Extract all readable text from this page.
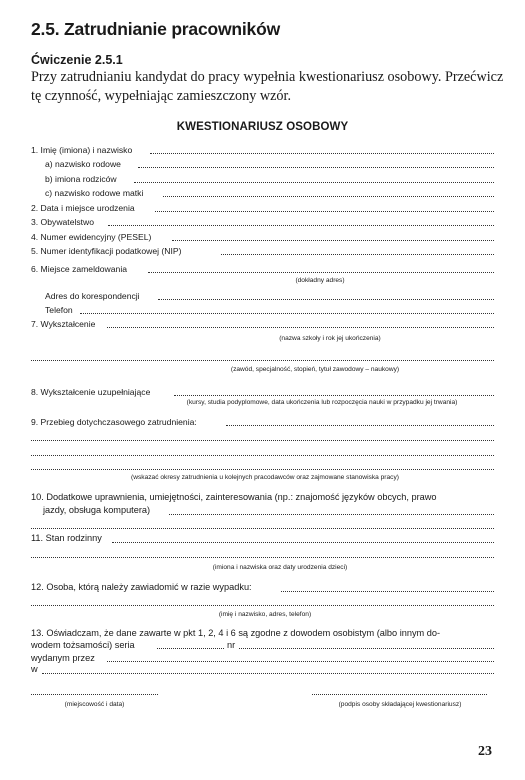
2.5. Zatrudnianie pracowników
Ćwiczenie 2.5.1
Przy zatrudnianiu kandydat do pracy wypełnia kwestionariusz osobowy. Przećwicz
tę czynność, wypełniając zamieszczony wzór.
KWESTIONARIUSZ OSOBOWY
1. Imię (imiona) i nazwisko
a) nazwisko rodowe
b) imiona rodziców
c) nazwisko rodowe matki
2. Data i miejsce urodzenia
3. Obywatelstwo
4. Numer ewidencyjny (PESEL)
5. Numer identyfikacji podatkowej (NIP)
6. Miejsce zameldowania
(dokładny adres)
Adres do korespondencji
Telefon
7. Wykształcenie
(nazwa szkoły i rok jej ukończenia)
(zawód, specjalność, stopień, tytuł zawodowy – naukowy)
8. Wykształcenie uzupełniające
(kursy, studia podyplomowe, data ukończenia lub rozpoczęcia nauki w przypadku jej trwania)
9. Przebieg dotychczasowego zatrudnienia:
(wskazać okresy zatrudnienia u kolejnych pracodawców oraz zajmowane stanowiska pracy)
10. Dodatkowe uprawnienia, umiejętności, zainteresowania (np.: znajomość języków obcych, prawo
jazdy, obsługa komputera)
11. Stan rodzinny
(imiona i nazwiska oraz daty urodzenia dzieci)
12. Osoba, którą należy zawiadomić w razie wypadku:
(imię i nazwisko, adres, telefon)
13. Oświadczam, że dane zawarte w pkt 1, 2, 4 i 6 są zgodne z dowodem osobistym (albo innym do-
wodem tożsamości) seria	nr
wydanym przez
w
(miejscowość i data)	(podpis osoby składającej kwestionariusz)
23
